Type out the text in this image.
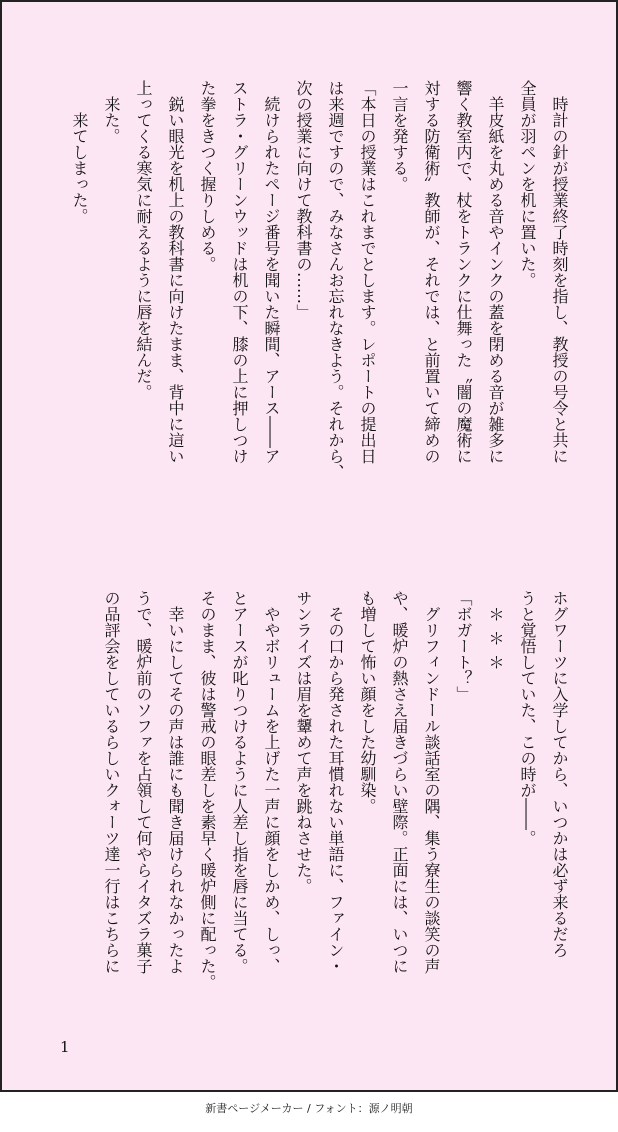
　時計の針が授業終了時刻を指し、教授の号令と共に
全員が羽ペンを机に置いた。
　羊皮紙を丸める音やインクの蓋を閉める音が雑多に
響く教室内で、杖をトランクに仕舞った〝闇の魔術に
対する防衛術〟教師が、それでは、と前置いて締めの
一言を発する。
「本日の授業はこれまでとします。レポートの提出日
は来週ですので、みなさんお忘れなきよう。それから、
次の授業に向けて教科書の……」
　続けられたページ番号を聞いた瞬間、アース――ア
ストラ・グリーンウッドは机の下、膝の上に押しつけ
た拳をきつく握りしめる。
　鋭い眼光を机上の教科書に向けたまま、背中に這い
上ってくる寒気に耐えるように唇を結んだ。
　来た。
　　来てしまった。
ホグワーツに入学してから、いつかは必ず来るだろ
うと覚悟していた、この時が――。
＊＊＊
「ボガート？」
　グリフィンドール談話室の隅、集う寮生の談笑の声
や、暖炉の熱さえ届きづらい壁際。正面には、いつに
も増して怖い顔をした幼馴染。
　その口から発された耳慣れない単語に、ファイン・
サンライズは眉を顰めて声を跳ねさせた。
　ややボリュームを上げた一声に顔をしかめ、しっ、
とアースが叱りつけるように人差し指を唇に当てる。
そのまま、彼は警戒の眼差しを素早く暖炉側に配った。
　幸いにしてその声は誰にも聞き届けられなかったよ
うで、暖炉前のソファを占領して何やらイタズラ菓子
の品評会をしているらしいクォーツ達一行はこちらに
1
新書ページメーカー / フォント：源ノ明朝
